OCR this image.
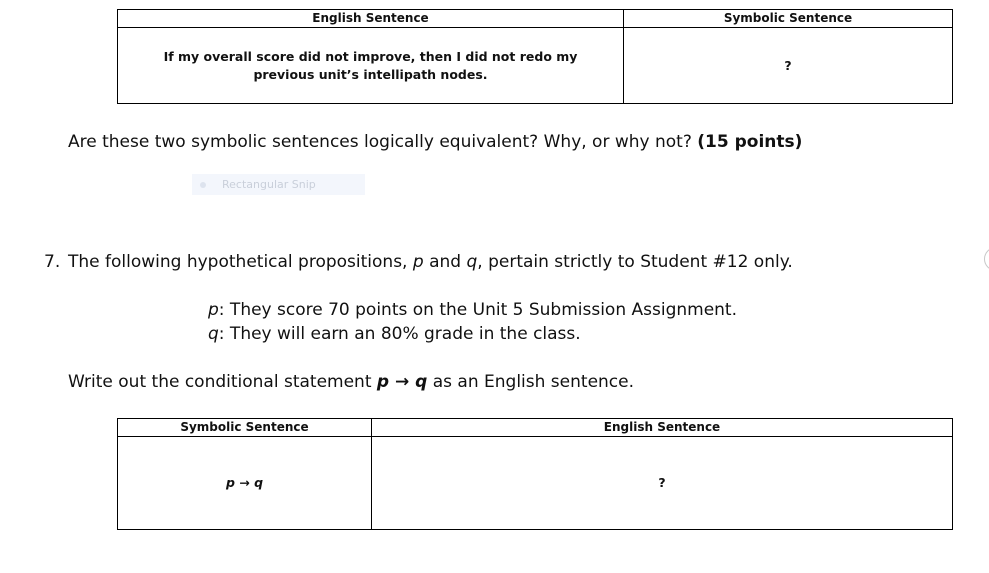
English Sentence	Symbolic Sentence
If my overall score did not improve, then I did not redo my previous unit’s intellipath nodes.	?
Are these two symbolic sentences logically equivalent? Why, or why not? (15 points)
Rectangular Snip
7. The following hypothetical propositions, p and q, pertain strictly to Student #12 only.
p: They score 70 points on the Unit 5 Submission Assignment.
q: They will earn an 80% grade in the class.
Write out the conditional statement p → q as an English sentence.
Symbolic Sentence	English Sentence
p → q	?
